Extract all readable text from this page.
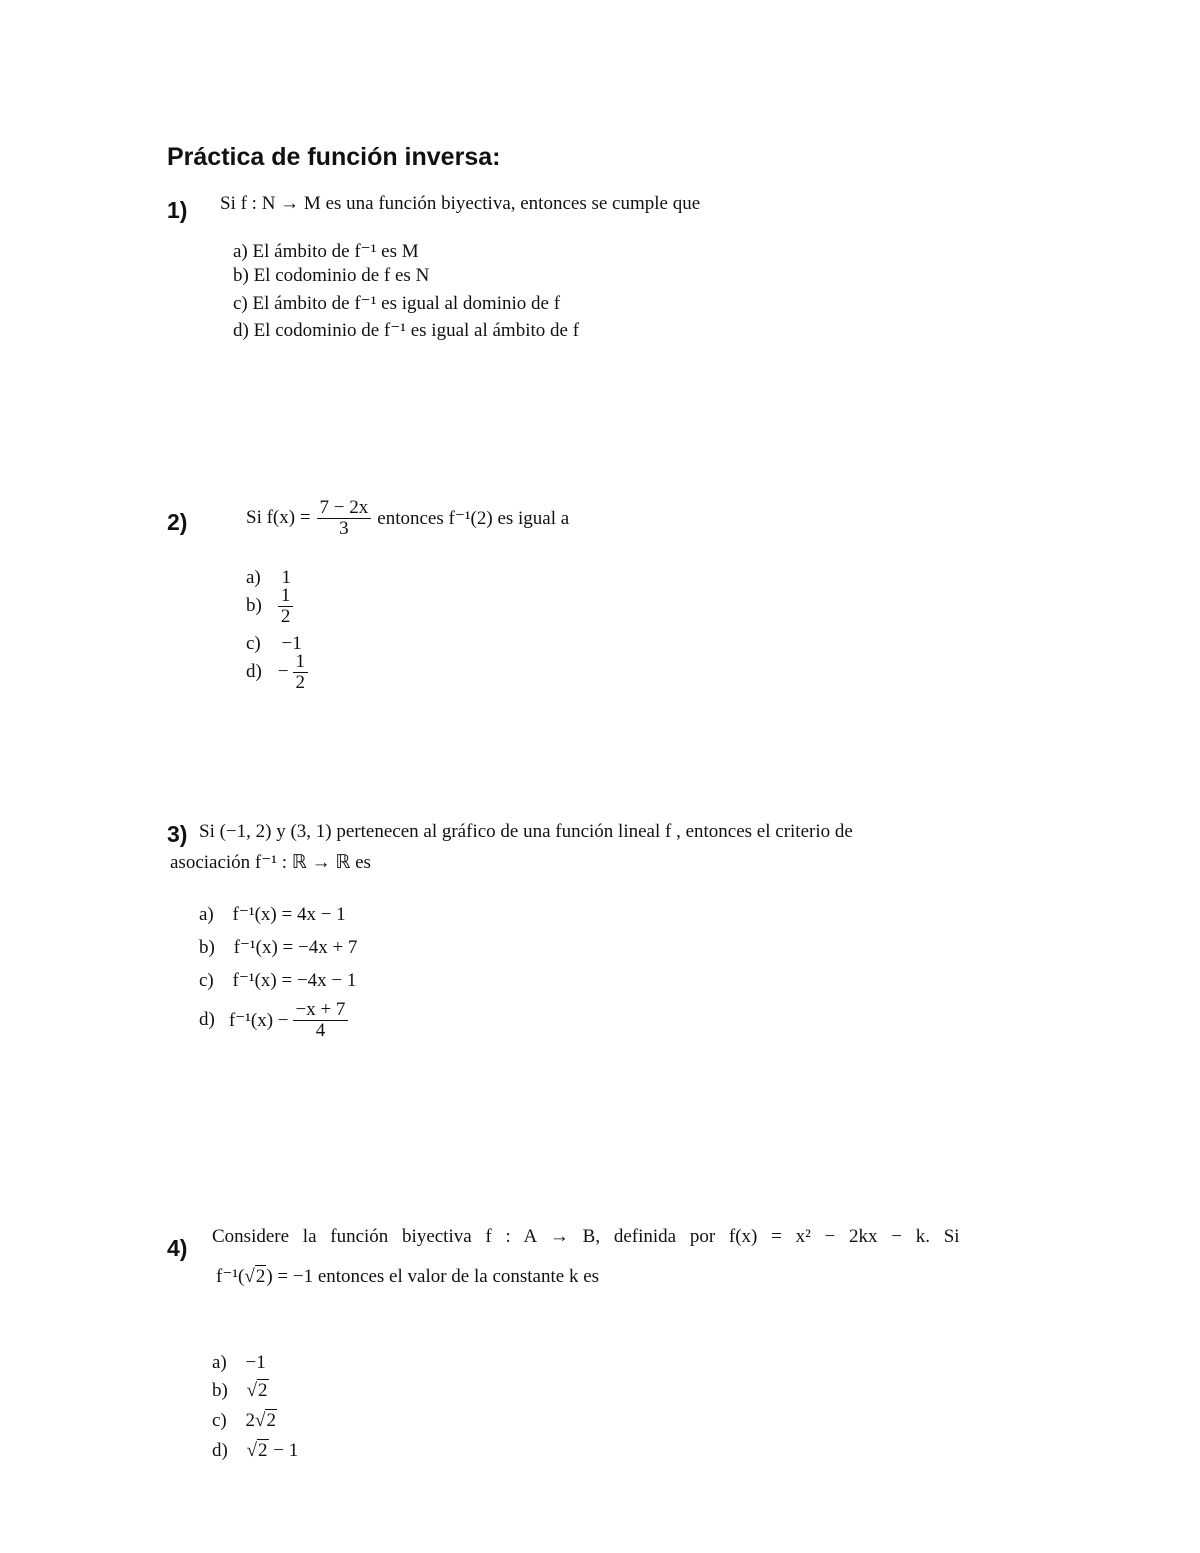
Práctica de función inversa:
1) Si f : N → M es una función biyectiva, entonces se cumple que
a) El ámbito de f⁻¹ es M
b) El codominio de f es N
c) El ámbito de f⁻¹ es igual al dominio de f
d) El codominio de f⁻¹ es igual al ámbito de f
2)	Si $f(x) = \frac{7 - 2x}{3}$ entonces f⁻¹(2) es igual a
a) 1
$b) \frac{1}{2}$
c) −1
$d) - \frac{1}{2}$
3) Si (−1, 2) y (3, 1) pertenecen al gráfico de una función lineal f , entonces el criterio de
asociación f⁻¹ : ℝ → ℝ es
a) f⁻¹(x) = 4x − 1
b) f⁻¹(x) = −4x + 7
c) f⁻¹(x) = −4x − 1
d) $f^{-1}(x) - \frac{-x + 7}{4}$
4) Considere la función biyectiva f : A → B, definida por f(x) = x² − 2kx − k. Si
f⁻¹(√2) = −1 entonces el valor de la constante k es
a) −1
b) √2
c) 2√2
d) √2 − 1
